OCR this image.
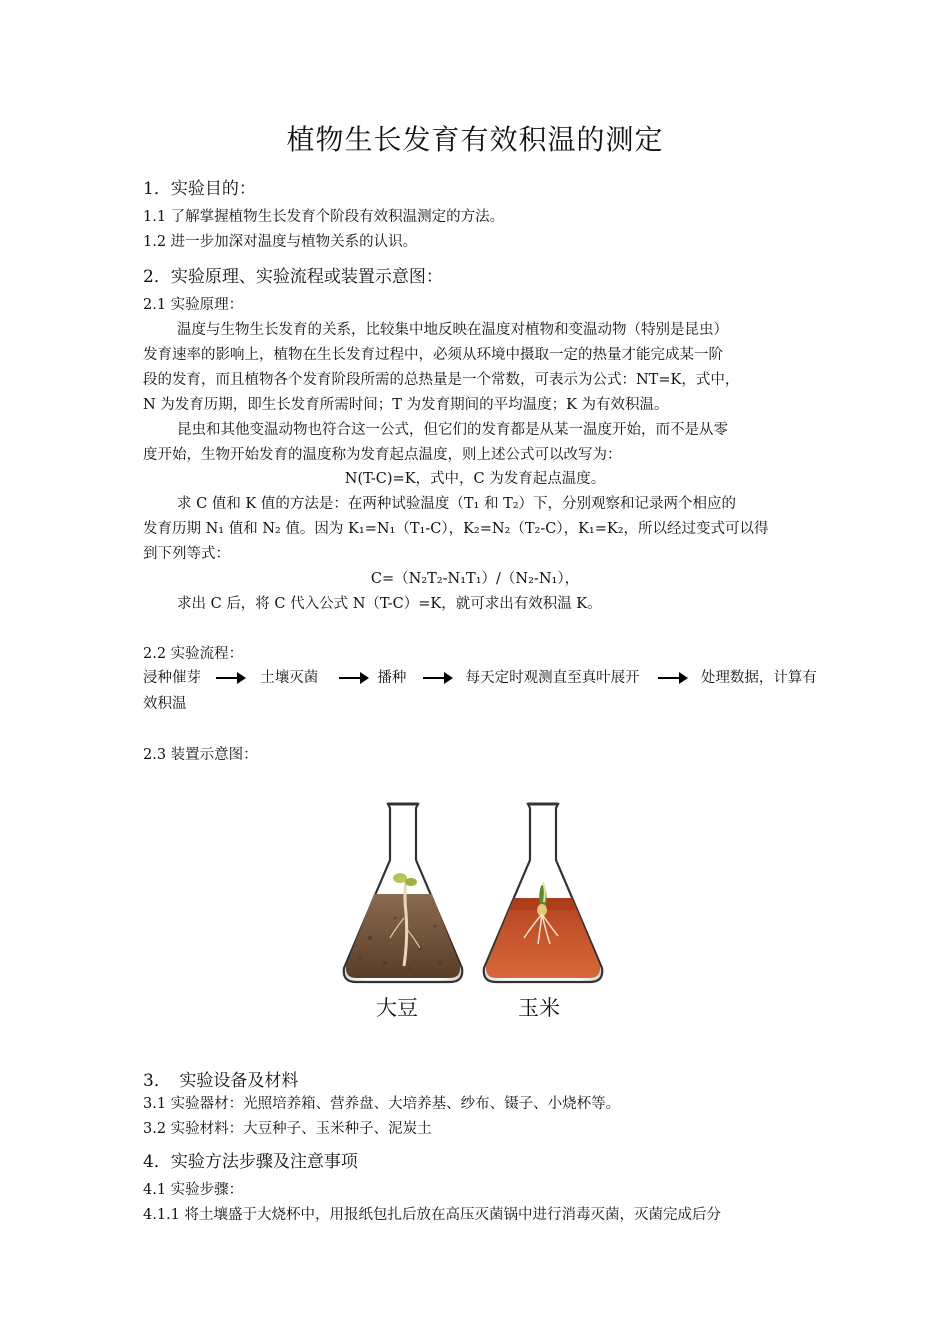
植物生长发育有效积温的测定
1．实验目的：
1.1 了解掌握植物生长发育个阶段有效积温测定的方法。
1.2 进一步加深对温度与植物关系的认识。
2．实验原理、实验流程或装置示意图：
2.1 实验原理：
温度与生物生长发育的关系，比较集中地反映在温度对植物和变温动物（特别是昆虫）
发育速率的影响上，植物在生长发育过程中，必须从环境中摄取一定的热量才能完成某一阶
段的发育，而且植物各个发育阶段所需的总热量是一个常数，可表示为公式：NT=K，式中，
N 为发育历期，即生长发育所需时间；T 为发育期间的平均温度；K 为有效积温。
昆虫和其他变温动物也符合这一公式，但它们的发育都是从某一温度开始，而不是从零
度开始，生物开始发育的温度称为发育起点温度，则上述公式可以改写为：
N(T-C)=K，式中，C 为发育起点温度。
求 C 值和 K 值的方法是：在两种试验温度（T₁ 和 T₂）下，分别观察和记录两个相应的
发育历期 N₁ 值和 N₂ 值。因为 K₁=N₁（T₁-C），K₂=N₂（T₂-C），K₁=K₂，所以经过变式可以得
到下列等式：
C=（N₂T₂-N₁T₁）/（N₂-N₁），
求出 C 后，将 C 代入公式 N（T-C）=K，就可求出有效积温 K。
2.2 实验流程：
浸种催芽	土壤灭菌	播种	每天定时观测直至真叶展开	处理数据，计算有
效积温
2.3 装置示意图：
大豆	玉米
3．　实验设备及材料
3.1 实验器材：光照培养箱、营养盘、大培养基、纱布、镊子、小烧杯等。
3.2 实验材料：大豆种子、玉米种子、泥炭土
4．实验方法步骤及注意事项
4.1 实验步骤：
4.1.1 将土壤盛于大烧杯中，用报纸包扎后放在高压灭菌锅中进行消毒灭菌，灭菌完成后分
